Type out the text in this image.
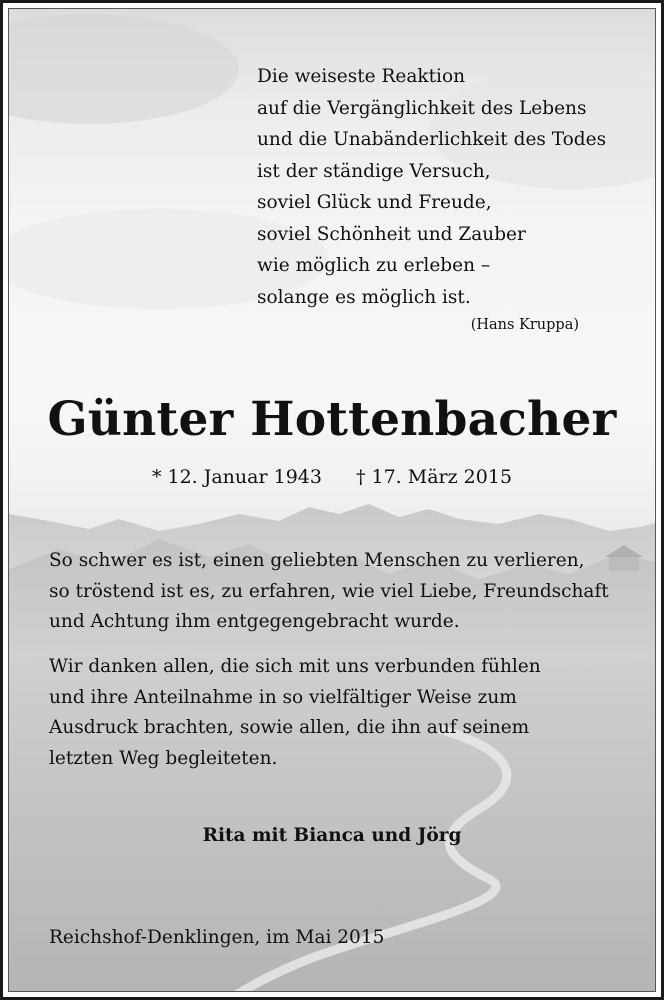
Die weiseste Reaktion
auf die Vergänglichkeit des Lebens
und die Unabänderlichkeit des Todes
ist der ständige Versuch,
soviel Glück und Freude,
soviel Schönheit und Zauber
wie möglich zu erleben –
solange es möglich ist.
(Hans Kruppa)
Günter Hottenbacher
* 12. Januar 1943 † 17. März 2015
So schwer es ist, einen geliebten Menschen zu verlieren,
so tröstend ist es, zu erfahren, wie viel Liebe, Freundschaft
und Achtung ihm entgegengebracht wurde.
Wir danken allen, die sich mit uns verbunden fühlen
und ihre Anteilnahme in so vielfältiger Weise zum
Ausdruck brachten, sowie allen, die ihn auf seinem
letzten Weg begleiteten.
Rita mit Bianca und Jörg
Reichshof-Denklingen, im Mai 2015
